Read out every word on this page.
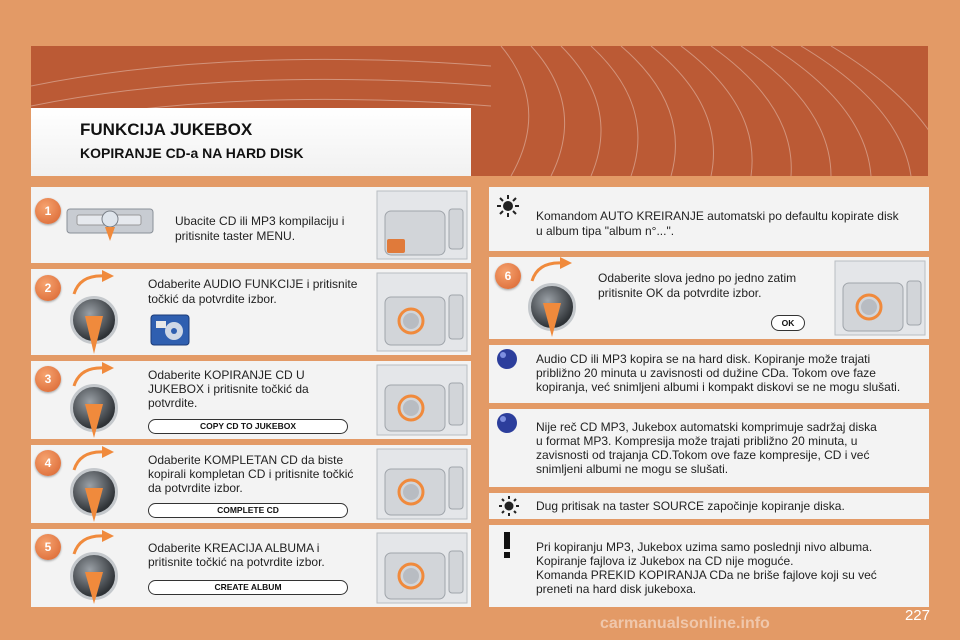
FUNKCIJA JUKEBOX
KOPIRANJE CD-a NA HARD DISK
1
Ubacite CD ili MP3 kompilaciju i
pritisnite taster MENU.
2	Odaberite AUDIO FUNKCIJE i pritisnite
točkić da potvrdite izbor.
3	Odaberite KOPIRANJE CD U
JUKEBOX i pritisnite točkić da
potvrdite.
COPY CD TO JUKEBOX
4	Odaberite KOMPLETAN CD da biste
kopirali kompletan CD i pritisnite točkić
da potvrdite izbor.
COMPLETE CD
5	Odaberite KREACIJA ALBUMA i
pritisnite točkić na potvrdite izbor.
CREATE ALBUM
Komandom AUTO KREIRANJE automatski po defaultu kopirate disk
u album tipa "album n°...".
6	Odaberite slova jedno po jedno zatim
pritisnite OK da potvrdite izbor.
OK
Audio CD ili MP3 kopira se na hard disk. Kopiranje može trajati
približno 20 minuta u zavisnosti od dužine CDa. Tokom ove faze
kopiranja, već snimljeni albumi i kompakt diskovi se ne mogu slušati.
Nije reč CD MP3, Jukebox automatski komprimuje sadržaj diska
u format MP3. Kompresija može trajati približno 20 minuta, u
zavisnosti od trajanja CD.Tokom ove faze kompresije, CD i već
snimljeni albumi ne mogu se slušati.
Dug pritisak na taster SOURCE započinje kopiranje diska.
Pri kopiranju MP3, Jukebox uzima samo poslednji nivo albuma.
Kopiranje fajlova iz Jukebox na CD nije moguće.
Komanda PREKID KOPIRANJA CDa ne briše fajlove koji su već
preneti na hard disk jukeboxa.
carmanualsonline.info	227
